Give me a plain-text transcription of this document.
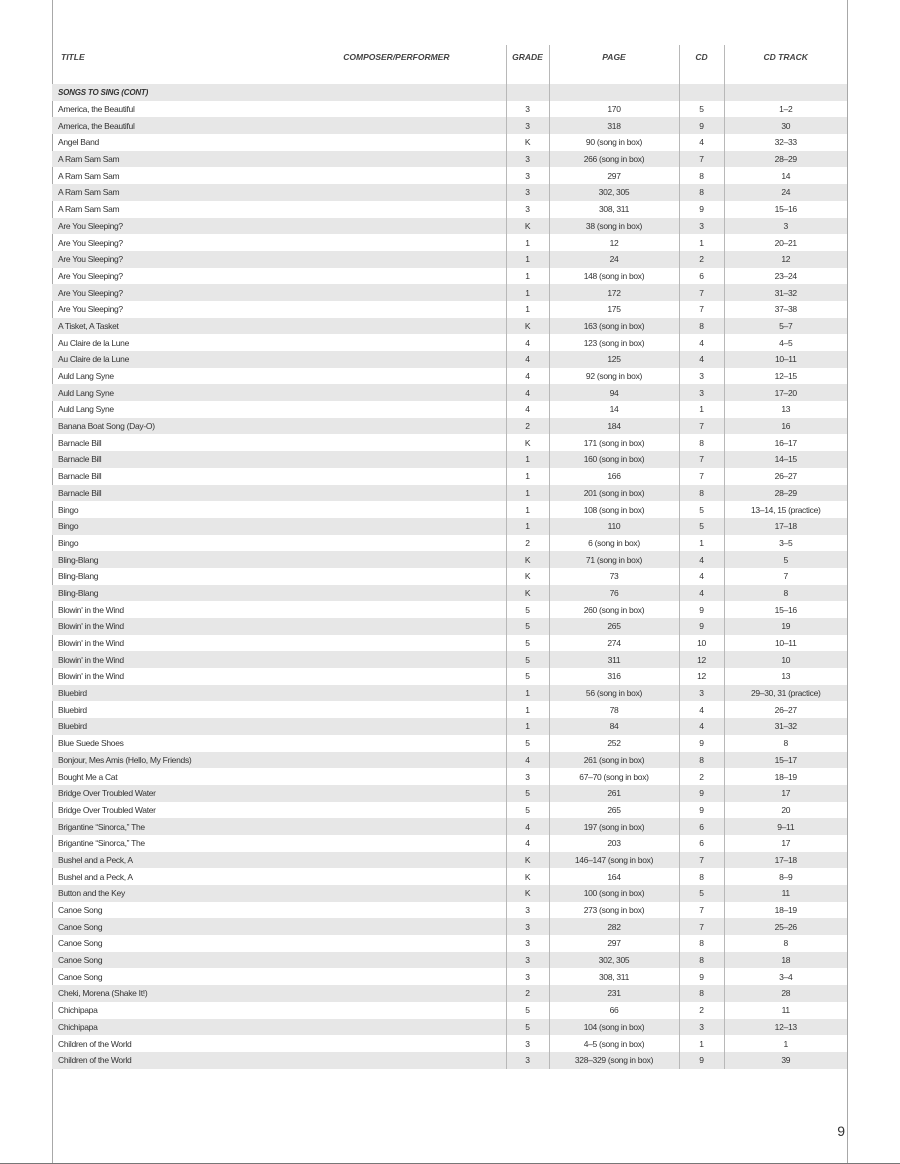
TITLE COMPOSER/PERFORMER	GRADE	PAGE	CD	CD TRACK

SONGS TO SING (CONT)				
America, the Beautiful	3	170	5	1–2
America, the Beautiful	3	318	9	30
Angel Band	K	90 (song in box)	4	32–33
A Ram Sam Sam	3	266 (song in box)	7	28–29
A Ram Sam Sam	3	297	8	14
A Ram Sam Sam	3	302, 305	8	24
A Ram Sam Sam	3	308, 311	9	15–16
Are You Sleeping?	K	38 (song in box)	3	3
Are You Sleeping?	1	12	1	20–21
Are You Sleeping?	1	24	2	12
Are You Sleeping?	1	148 (song in box)	6	23–24
Are You Sleeping?	1	172	7	31–32
Are You Sleeping?	1	175	7	37–38
A Tisket, A Tasket	K	163 (song in box)	8	5–7
Au Claire de la Lune	4	123 (song in box)	4	4–5
Au Claire de la Lune	4	125	4	10–11
Auld Lang Syne	4	92 (song in box)	3	12–15
Auld Lang Syne	4	94	3	17–20
Auld Lang Syne	4	14	1	13
Banana Boat Song (Day-O)	2	184	7	16
Barnacle Bill	K	171 (song in box)	8	16–17
Barnacle Bill	1	160 (song in box)	7	14–15
Barnacle Bill	1	166	7	26–27
Barnacle Bill	1	201 (song in box)	8	28–29
Bingo	1	108 (song in box)	5	13–14, 15 (practice)
Bingo	1	110	5	17–18
Bingo	2	6 (song in box)	1	3–5
Bling-Blang	K	71 (song in box)	4	5
Bling-Blang	K	73	4	7
Bling-Blang	K	76	4	8
Blowin' in the Wind	5	260 (song in box)	9	15–16
Blowin' in the Wind	5	265	9	19
Blowin' in the Wind	5	274	10	10–11
Blowin' in the Wind	5	311	12	10
Blowin' in the Wind	5	316	12	13
Bluebird	1	56 (song in box)	3	29–30, 31 (practice)
Bluebird	1	78	4	26–27
Bluebird	1	84	4	31–32
Blue Suede Shoes	5	252	9	8
Bonjour, Mes Amis (Hello, My Friends)	4	261 (song in box)	8	15–17
Bought Me a Cat	3	67–70 (song in box)	2	18–19
Bridge Over Troubled Water	5	261	9	17
Bridge Over Troubled Water	5	265	9	20
Brigantine “Sinorca,” The	4	197 (song in box)	6	9–11
Brigantine “Sinorca,” The	4	203	6	17
Bushel and a Peck, A	K	146–147 (song in box)	7	17–18
Bushel and a Peck, A	K	164	8	8–9
Button and the Key	K	100 (song in box)	5	11
Canoe Song	3	273 (song in box)	7	18–19
Canoe Song	3	282	7	25–26
Canoe Song	3	297	8	8
Canoe Song	3	302, 305	8	18
Canoe Song	3	308, 311	9	3–4
Cheki, Morena (Shake It!)	2	231	8	28
Chichipapa	5	66	2	11
Chichipapa	5	104 (song in box)	3	12–13
Children of the World	3	4–5 (song in box)	1	1
Children of the World	3	328–329 (song in box)	9	39
9
